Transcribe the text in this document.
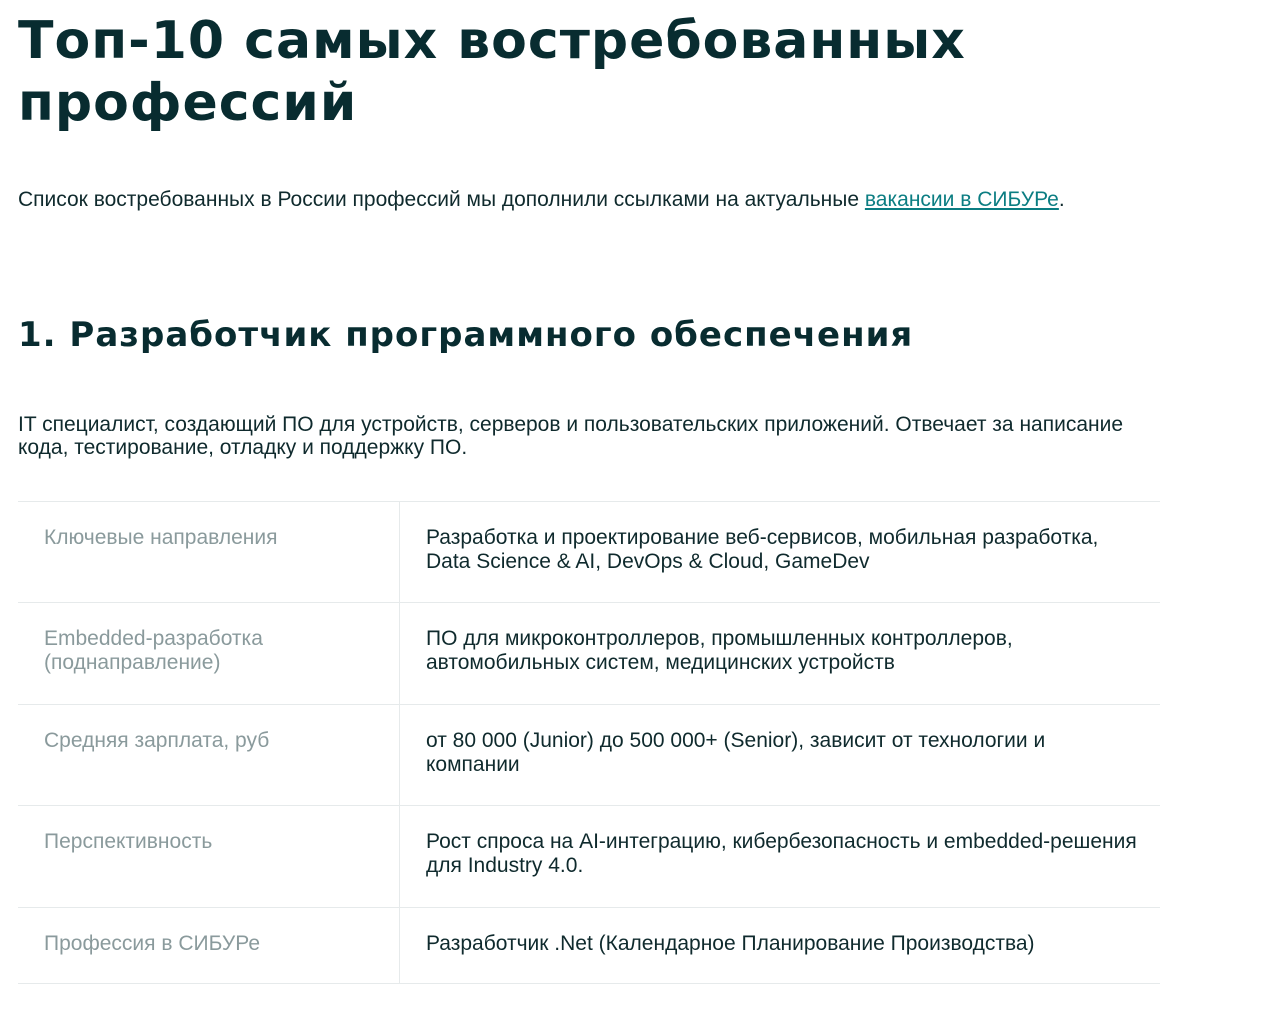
Топ-10 самых востребованных профессий

Список востребованных в России профессий мы дополнили ссылками на актуальные вакансии в СИБУРе.

1. Разработчик программного обеспечения

IT специалист, создающий ПО для устройств, серверов и пользовательских приложений. Отвечает за написание кода, тестирование, отладку и поддержку ПО.

Ключевые направления	Разработка и проектирование веб-сервисов, мобильная разработка, Data Science & AI, DevOps & Cloud, GameDev
Embedded-разработка (поднаправление)	ПО для микроконтроллеров, промышленных контроллеров, автомобильных систем, медицинских устройств
Средняя зарплата, руб	от 80 000 (Junior) до 500 000+ (Senior), зависит от технологии и компании
Перспективность	Рост спроса на AI-интеграцию, кибербезопасность и embedded-решения для Industry 4.0.
Профессия в СИБУРе	Разработчик .Net (Календарное Планирование Производства)
